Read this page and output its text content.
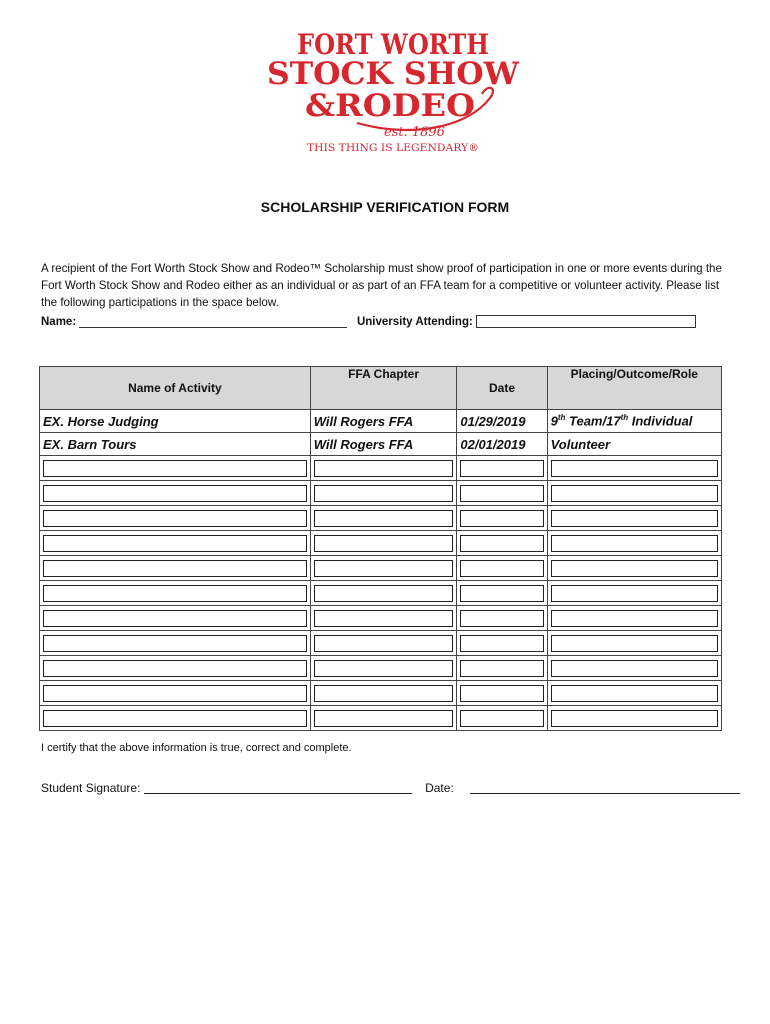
FORT WORTH
STOCK SHOW
&RODEO
est. 1896
THIS THING IS LEGENDARY®
SCHOLARSHIP VERIFICATION FORM
A recipient of the Fort Worth Stock Show and Rodeo™ Scholarship must show proof of participation in one or more events during the Fort Worth Stock Show and Rodeo either as an individual or as part of an FFA team for a competitive or volunteer activity. Please list the following participations in the space below.
Name:	University Attending:
Name of Activity	FFA Chapter	Date	Placing/Outcome/Role
EX. Horse Judging	Will Rogers FFA	01/29/2019	9th Team/17th Individual
EX. Barn Tours	Will Rogers FFA	02/01/2019	Volunteer

I certify that the above information is true, correct and complete.
Student Signature:	Date:
